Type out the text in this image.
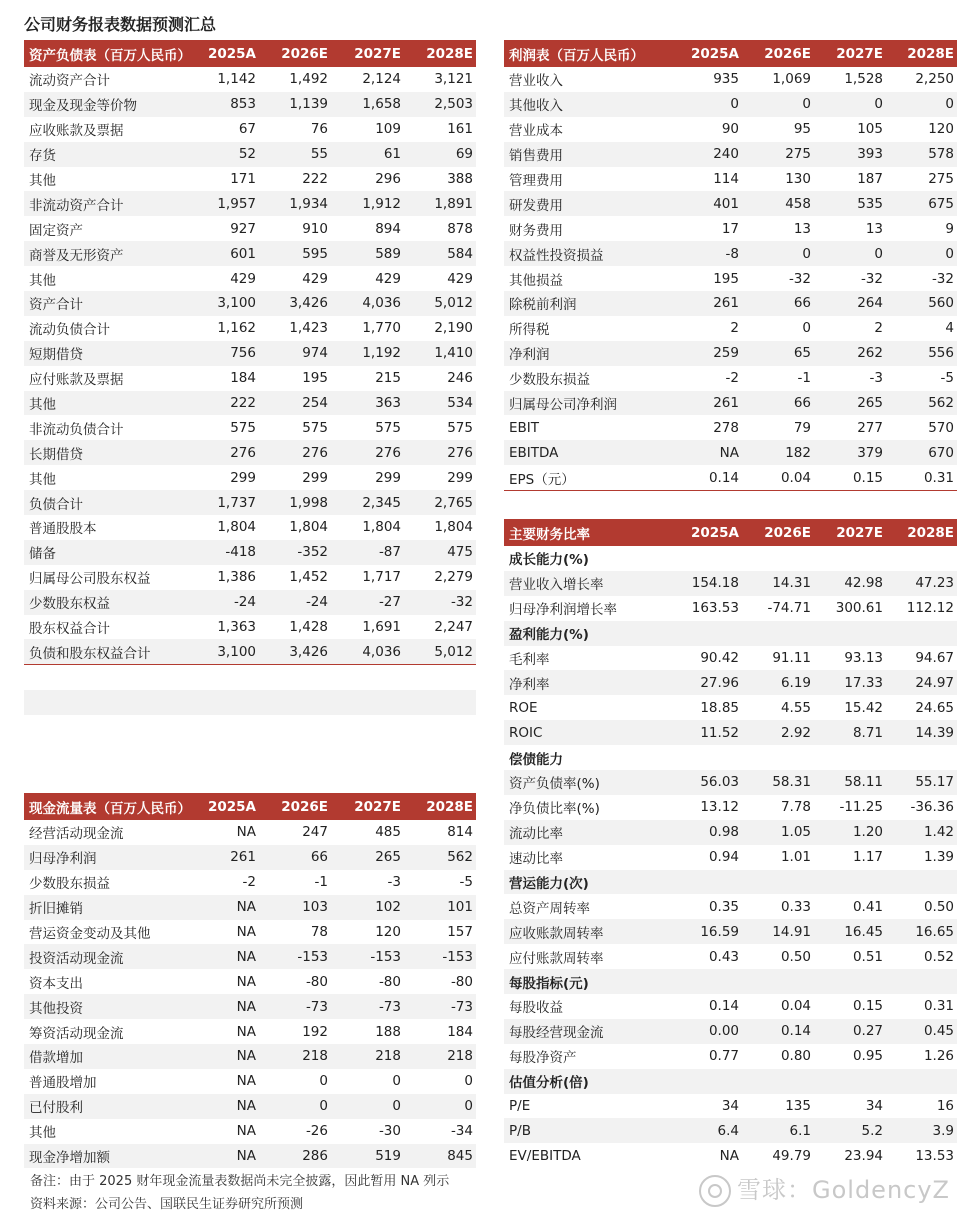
公司财务报表数据预测汇总
资产负债表（百万人民币）	2025A	2026E	2027E	2028E
流动资产合计	1,142	1,492	2,124	3,121
现金及现金等价物	853	1,139	1,658	2,503
应收账款及票据	67	76	109	161
存货	52	55	61	69
其他	171	222	296	388
非流动资产合计	1,957	1,934	1,912	1,891
固定资产	927	910	894	878
商誉及无形资产	601	595	589	584
其他	429	429	429	429
资产合计	3,100	3,426	4,036	5,012
流动负债合计	1,162	1,423	1,770	2,190
短期借贷	756	974	1,192	1,410
应付账款及票据	184	195	215	246
其他	222	254	363	534
非流动负债合计	575	575	575	575
长期借贷	276	276	276	276
其他	299	299	299	299
负债合计	1,737	1,998	2,345	2,765
普通股股本	1,804	1,804	1,804	1,804
储备	-418	-352	-87	475
归属母公司股东权益	1,386	1,452	1,717	2,279
少数股东权益	-24	-24	-27	-32
股东权益合计	1,363	1,428	1,691	2,247
负债和股东权益合计	3,100	3,426	4,036	5,012

利润表（百万人民币）	2025A	2026E	2027E	2028E
营业收入	935	1,069	1,528	2,250
其他收入	0	0	0	0
营业成本	90	95	105	120
销售费用	240	275	393	578
管理费用	114	130	187	275
研发费用	401	458	535	675
财务费用	17	13	13	9
权益性投资损益	-8	0	0	0
其他损益	195	-32	-32	-32
除税前利润	261	66	264	560
所得税	2	0	2	4
净利润	259	65	262	556
少数股东损益	-2	-1	-3	-5
归属母公司净利润	261	66	265	562
EBIT	278	79	277	570
EBITDA	NA	182	379	670
EPS（元）	0.14	0.04	0.15	0.31
主要财务比率	2025A	2026E	2027E	2028E
成长能力(%)				
营业收入增长率	154.18	14.31	42.98	47.23
归母净利润增长率	163.53	-74.71	300.61	112.12
盈利能力(%)				
毛利率	90.42	91.11	93.13	94.67
净利率	27.96	6.19	17.33	24.97
ROE	18.85	4.55	15.42	24.65
ROIC	11.52	2.92	8.71	14.39
偿债能力				
资产负债率(%)	56.03	58.31	58.11	55.17
净负债比率(%)	13.12	7.78	-11.25	-36.36
流动比率	0.98	1.05	1.20	1.42
速动比率	0.94	1.01	1.17	1.39
营运能力(次)				
总资产周转率	0.35	0.33	0.41	0.50
应收账款周转率	16.59	14.91	16.45	16.65
应付账款周转率	0.43	0.50	0.51	0.52
每股指标(元)				
每股收益	0.14	0.04	0.15	0.31
每股经营现金流	0.00	0.14	0.27	0.45
每股净资产	0.77	0.80	0.95	1.26
估值分析(倍)				
P/E	34	135	34	16
P/B	6.4	6.1	5.2	3.9
EV/EBITDA	NA	49.79	23.94	13.53
现金流量表（百万人民币）	2025A	2026E	2027E	2028E
经营活动现金流	NA	247	485	814
归母净利润	261	66	265	562
少数股东损益	-2	-1	-3	-5
折旧摊销	NA	103	102	101
营运资金变动及其他	NA	78	120	157
投资活动现金流	NA	-153	-153	-153
资本支出	NA	-80	-80	-80
其他投资	NA	-73	-73	-73
筹资活动现金流	NA	192	188	184
借款增加	NA	218	218	218
普通股增加	NA	0	0	0
已付股利	NA	0	0	0
其他	NA	-26	-30	-34
现金净增加额	NA	286	519	845
备注：由于 2025 财年现金流量表数据尚未完全披露，因此暂用 NA 列示
资料来源：公司公告、国联民生证券研究所预测
雪球：GoldencyZ
